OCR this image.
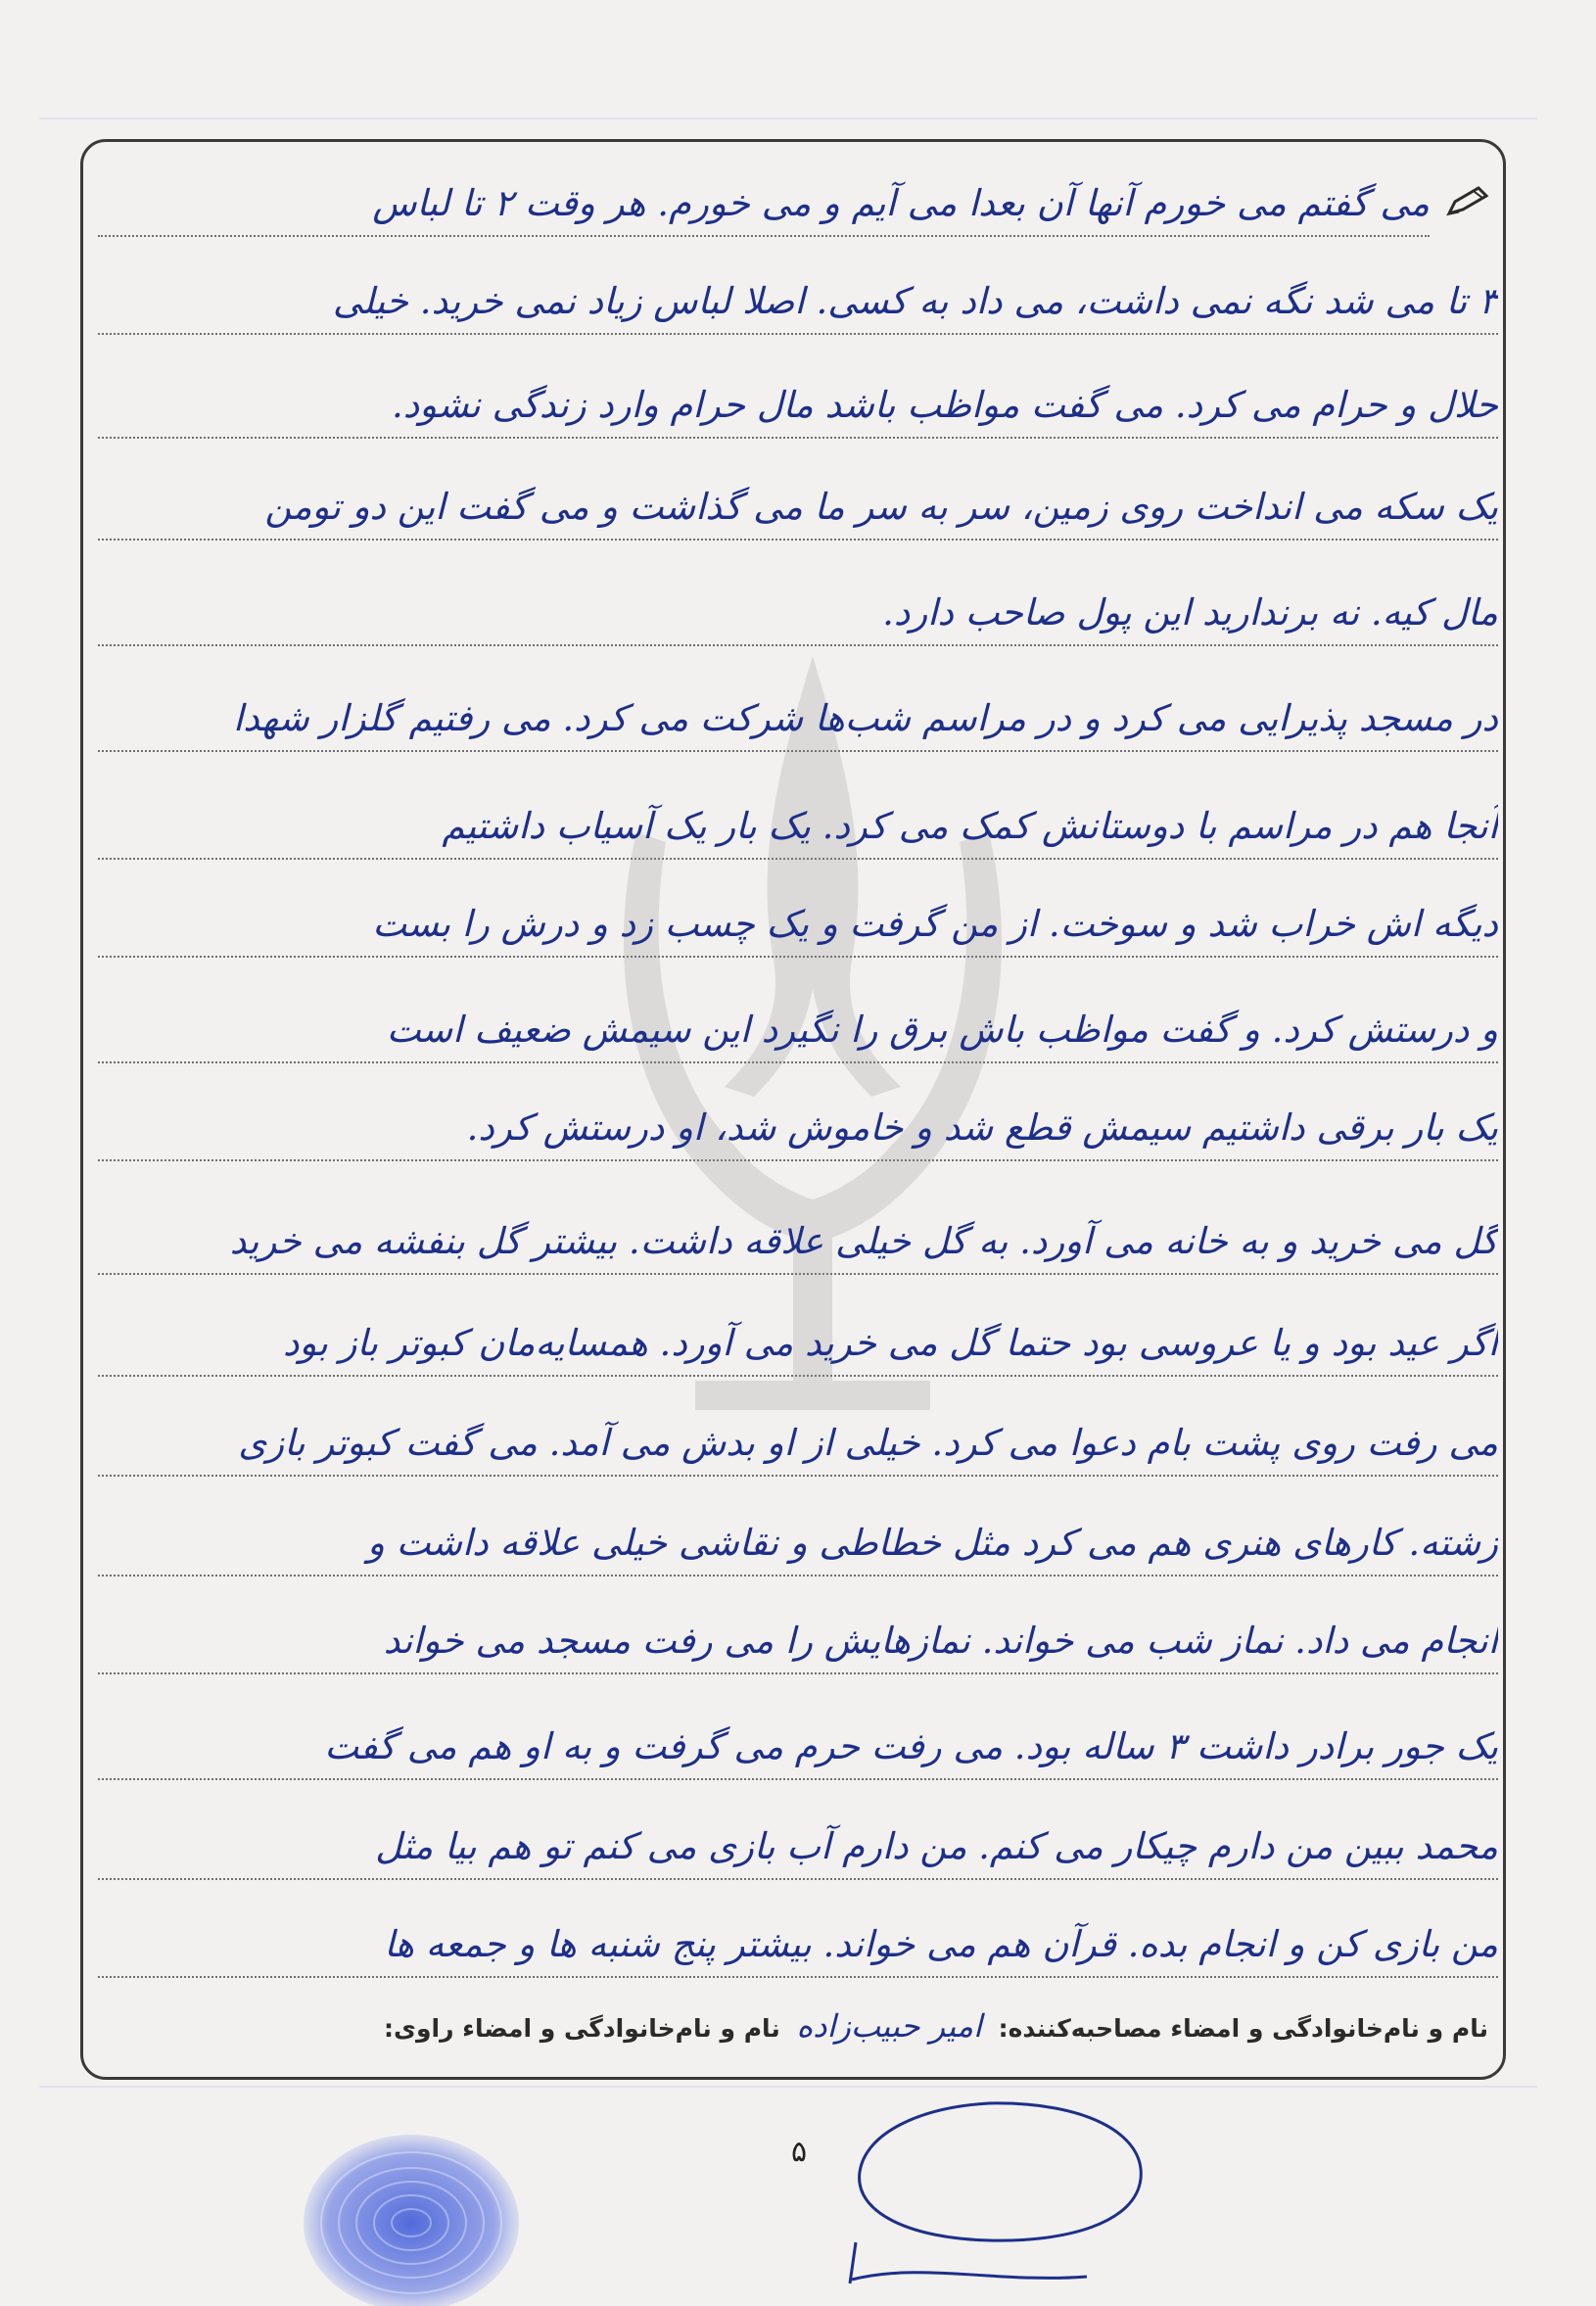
می گفتم می خورم آنها آن بعدا می آیم و می خورم. هر وقت ۲ تا لباس
۳ تا می شد نگه نمی داشت، می داد به کسی. اصلا لباس زیاد نمی خرید. خیلی
حلال و حرام می کرد. می گفت مواظب باشد مال حرام وارد زندگی نشود.
یک سکه می انداخت روی زمین، سر به سر ما می گذاشت و می گفت این دو تومن
مال کیه. نه برندارید این پول صاحب دارد.
در مسجد پذیرایی می کرد و در مراسم شب‌ها شرکت می کرد. می رفتیم گلزار شهدا
آنجا هم در مراسم با دوستانش کمک می کرد. یک بار یک آسیاب داشتیم
دیگه اش خراب شد و سوخت. از من گرفت و یک چسب زد و درش را بست
و درستش کرد. و گفت مواظب باش برق را نگیرد این سیمش ضعیف است
یک بار برقی داشتیم سیمش قطع شد و خاموش شد، او درستش کرد.
گل می خرید و به خانه می آورد. به گل خیلی علاقه داشت. بیشتر گل بنفشه می خرید
اگر عید بود و یا عروسی بود حتما گل می خرید می آورد. همسایه‌مان کبوتر باز بود
می رفت روی پشت بام دعوا می کرد. خیلی از او بدش می آمد. می گفت کبوتر بازی
زشته. کارهای هنری هم می کرد مثل خطاطی و نقاشی خیلی علاقه داشت و
انجام می داد. نماز شب می خواند. نمازهایش را می رفت مسجد می خواند
یک جور برادر داشت ۳ ساله بود. می رفت حرم می گرفت و به او هم می گفت
محمد ببین من دارم چیکار می کنم. من دارم آب بازی می کنم تو هم بیا مثل
من بازی کن و انجام بده. قرآن هم می خواند. بیشتر پنج شنبه ها و جمعه ها
نام و نام‌خانوادگی و امضاء مصاحبه‌کننده: امیر حبیب‌زاده نام و نام‌خانوادگی و امضاء راوی:
۵
